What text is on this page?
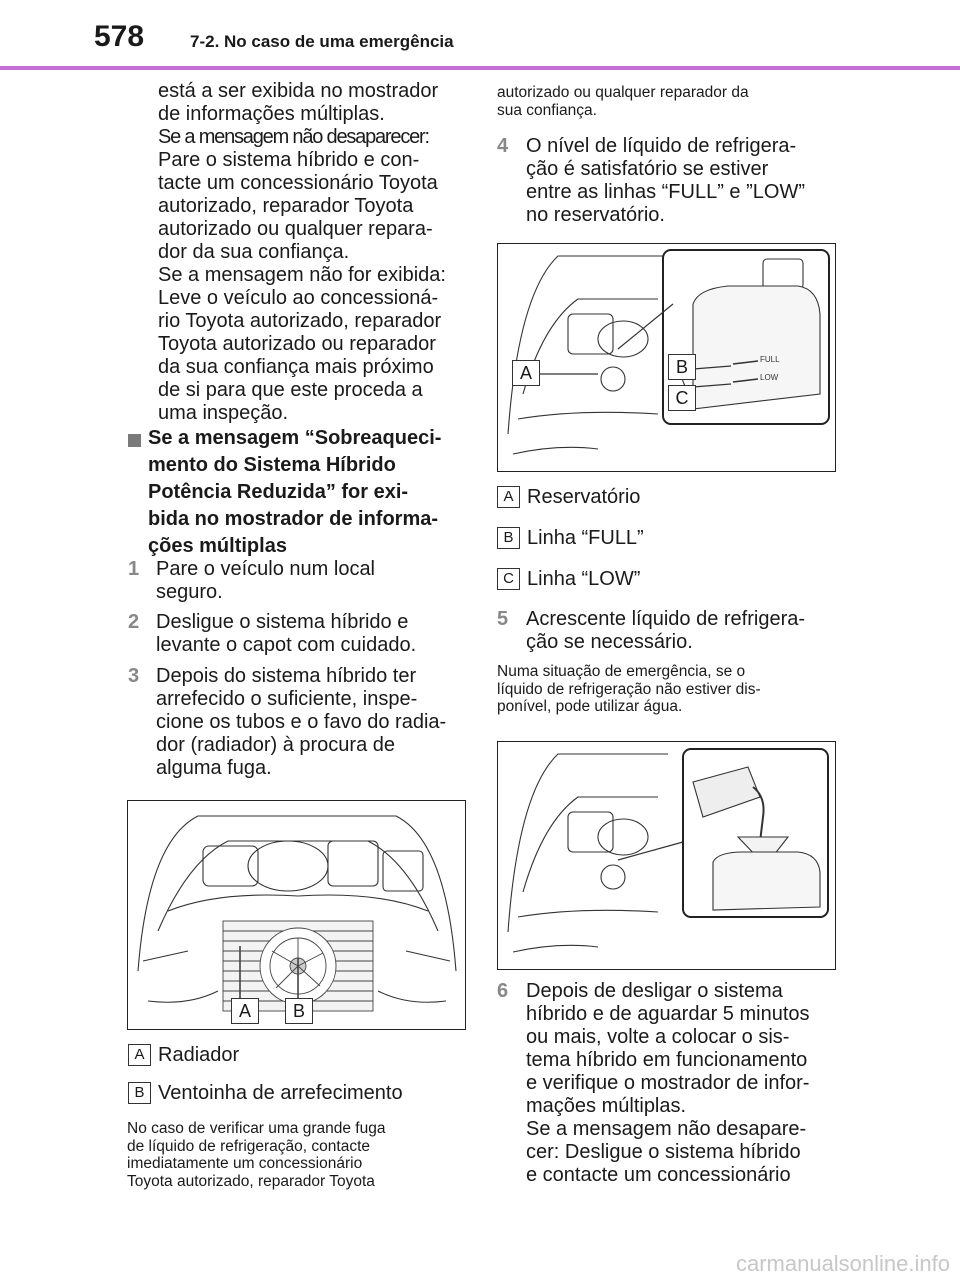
578	7-2. No caso de uma emergência
está a ser exibida no mostrador
de informações múltiplas.
Se a mensagem não desaparecer:
Pare o sistema híbrido e con-
tacte um concessionário Toyota
autorizado, reparador Toyota
autorizado ou qualquer repara-
dor da sua confiança.
Se a mensagem não for exibida:
Leve o veículo ao concessioná-
rio Toyota autorizado, reparador
Toyota autorizado ou reparador
da sua confiança mais próximo
de si para que este proceda a
uma inspeção.
Se a mensagem “Sobreaqueci-
mento do Sistema Híbrido
Potência Reduzida” for exi-
bida no mostrador de informa-
ções múltiplas
1 Pare o veículo num local
seguro.
2 Desligue o sistema híbrido e
levante o capot com cuidado.
3 Depois do sistema híbrido ter
arrefecido o suficiente, inspe-
cione os tubos e o favo do radia-
dor (radiador) à procura de
alguma fuga.
A	B
A Radiador
B Ventoinha de arrefecimento
No caso de verificar uma grande fuga
de líquido de refrigeração, contacte
imediatamente um concessionário
Toyota autorizado, reparador Toyota
autorizado ou qualquer reparador da
sua confiança.
4 O nível de líquido de refrigera-
ção é satisfatório se estiver
entre as linhas “FULL” e ”LOW”
no reservatório.
FULL
LOW
A	B
C
A Reservatório
B Linha “FULL”
C Linha “LOW”
5 Acrescente líquido de refrigera-
ção se necessário.
Numa situação de emergência, se o
líquido de refrigeração não estiver dis-
ponível, pode utilizar água.
6 Depois de desligar o sistema
híbrido e de aguardar 5 minutos
ou mais, volte a colocar o sis-
tema híbrido em funcionamento
e verifique o mostrador de infor-
mações múltiplas.
Se a mensagem não desapare-
cer: Desligue o sistema híbrido
e contacte um concessionário
carmanualsonline.info
